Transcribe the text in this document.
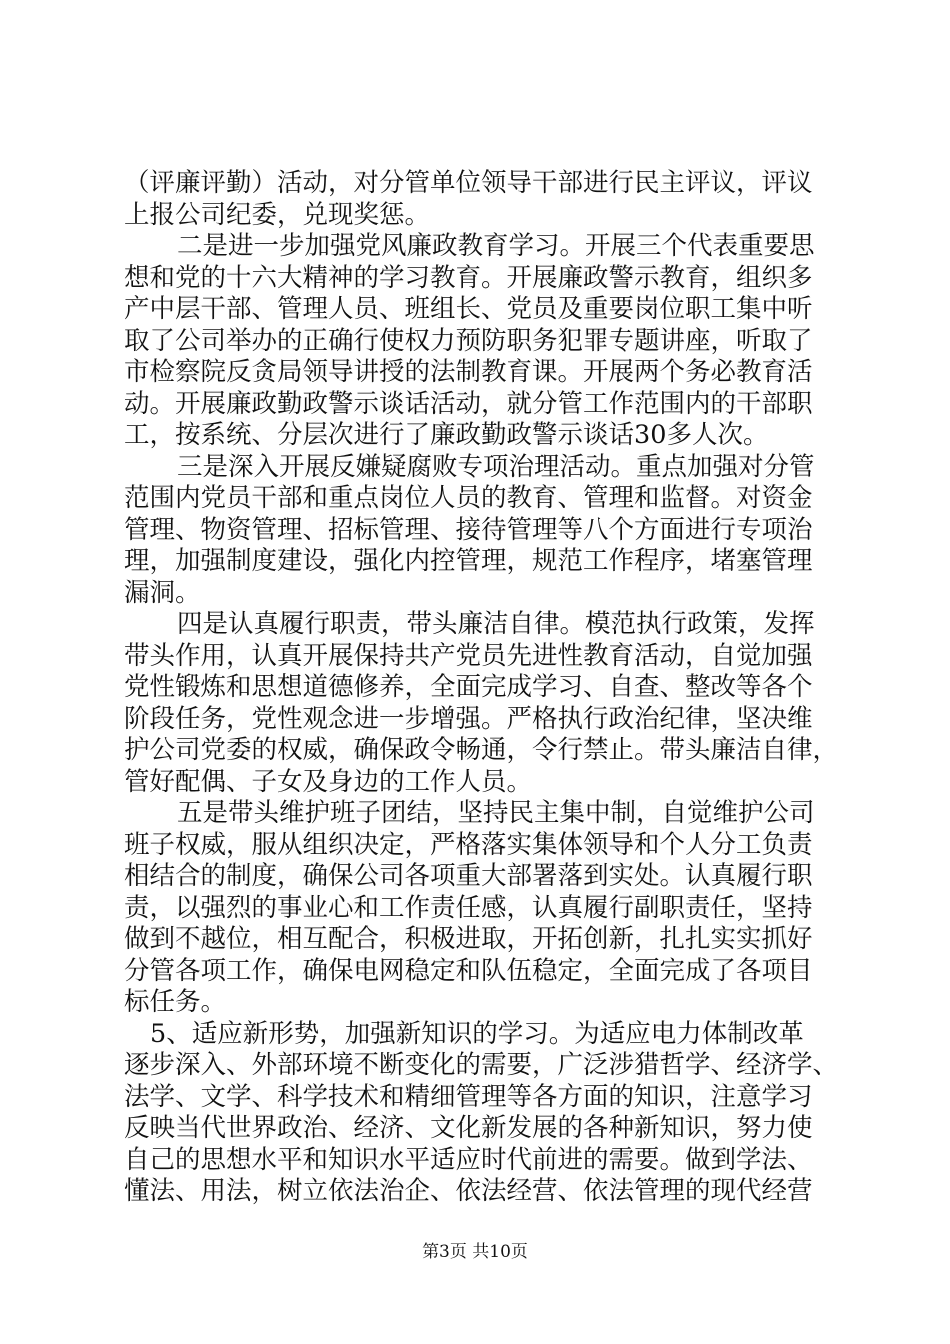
（评廉评勤）活动，对分管单位领导干部进行民主评议，评议
上报公司纪委，兑现奖惩。
二是进一步加强党风廉政教育学习。开展三个代表重要思
想和党的十六大精神的学习教育。开展廉政警示教育，组织多
产中层干部、管理人员、班组长、党员及重要岗位职工集中听
取了公司举办的正确行使权力预防职务犯罪专题讲座，听取了
市检察院反贪局领导讲授的法制教育课。开展两个务必教育活
动。开展廉政勤政警示谈话活动，就分管工作范围内的干部职
工，按系统、分层次进行了廉政勤政警示谈话30多人次。
三是深入开展反嫌疑腐败专项治理活动。重点加强对分管
范围内党员干部和重点岗位人员的教育、管理和监督。对资金
管理、物资管理、招标管理、接待管理等八个方面进行专项治
理，加强制度建设，强化内控管理，规范工作程序，堵塞管理
漏洞。
四是认真履行职责，带头廉洁自律。模范执行政策，发挥
带头作用，认真开展保持共产党员先进性教育活动，自觉加强
党性锻炼和思想道德修养，全面完成学习、自查、整改等各个
阶段任务，党性观念进一步增强。严格执行政治纪律，坚决维
护公司党委的权威，确保政令畅通，令行禁止。带头廉洁自律，
管好配偶、子女及身边的工作人员。
五是带头维护班子团结，坚持民主集中制，自觉维护公司
班子权威，服从组织决定，严格落实集体领导和个人分工负责
相结合的制度，确保公司各项重大部署落到实处。认真履行职
责，以强烈的事业心和工作责任感，认真履行副职责任，坚持
做到不越位，相互配合，积极进取，开拓创新，扎扎实实抓好
分管各项工作，确保电网稳定和队伍稳定，全面完成了各项目
标任务。
5、适应新形势，加强新知识的学习。为适应电力体制改革
逐步深入、外部环境不断变化的需要，广泛涉猎哲学、经济学、
法学、文学、科学技术和精细管理等各方面的知识，注意学习
反映当代世界政治、经济、文化新发展的各种新知识，努力使
自己的思想水平和知识水平适应时代前进的需要。做到学法、
懂法、用法，树立依法治企、依法经营、依法管理的现代经营
第3页 共10页
